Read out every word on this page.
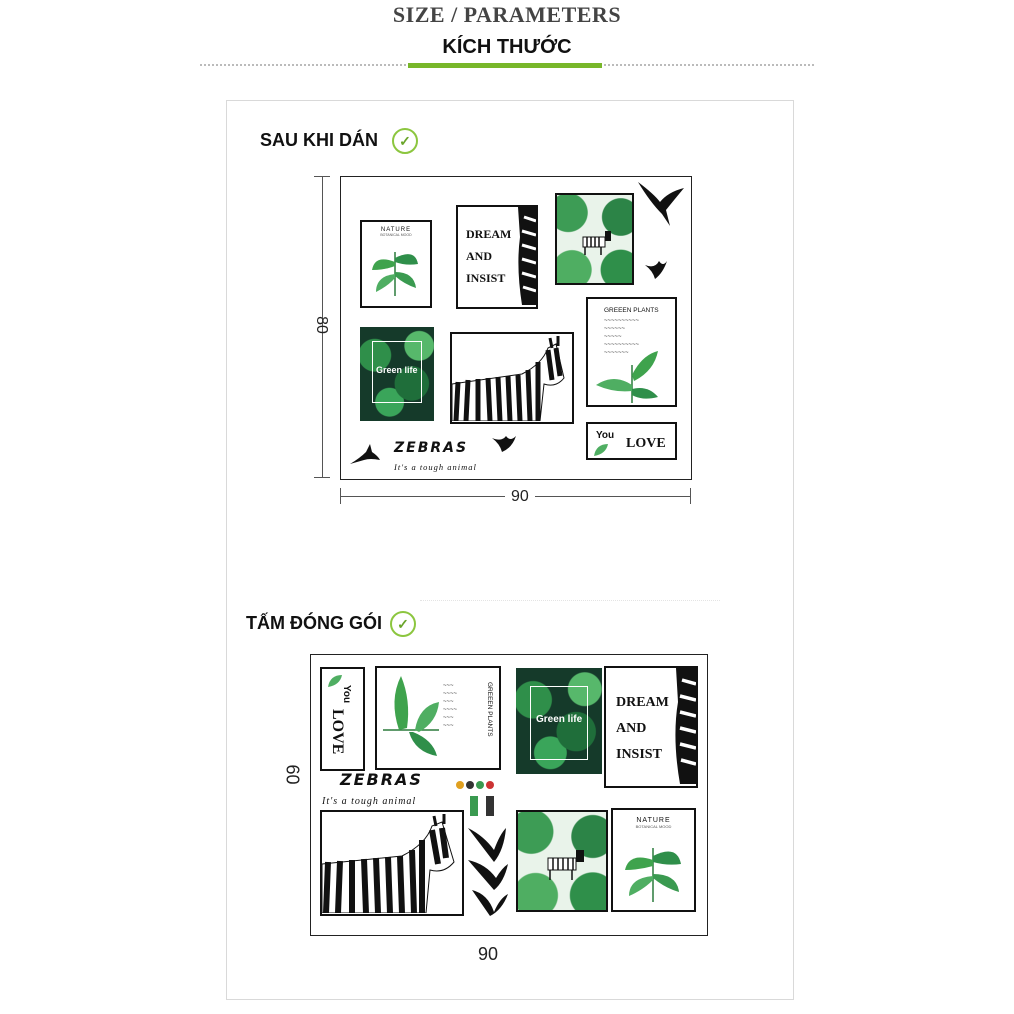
SIZE / PARAMETERS
KÍCH THƯỚC
SAU KHI DÁN	✓
80
90
NATURE
BOTANICAL MOOD	DREAM
AND
INSIST
GREEEN PLANTS
~~~~~~~~~~
~~~~~~
~~~~~
~~~~~~~~~~
~~~~~~~
Green life
You
LOVE
ZEBRAS
It's a tough animal
TẤM ĐÓNG GÓI	✓
60
90
You
LOVE
~~~
~~~~
~~~
~~~~
~~~
~~~	GREEEN PLANTS	Green life
DREAM
AND
INSIST
ZEBRAS
It's a tough animal
NATURE
BOTANICAL MOOD
